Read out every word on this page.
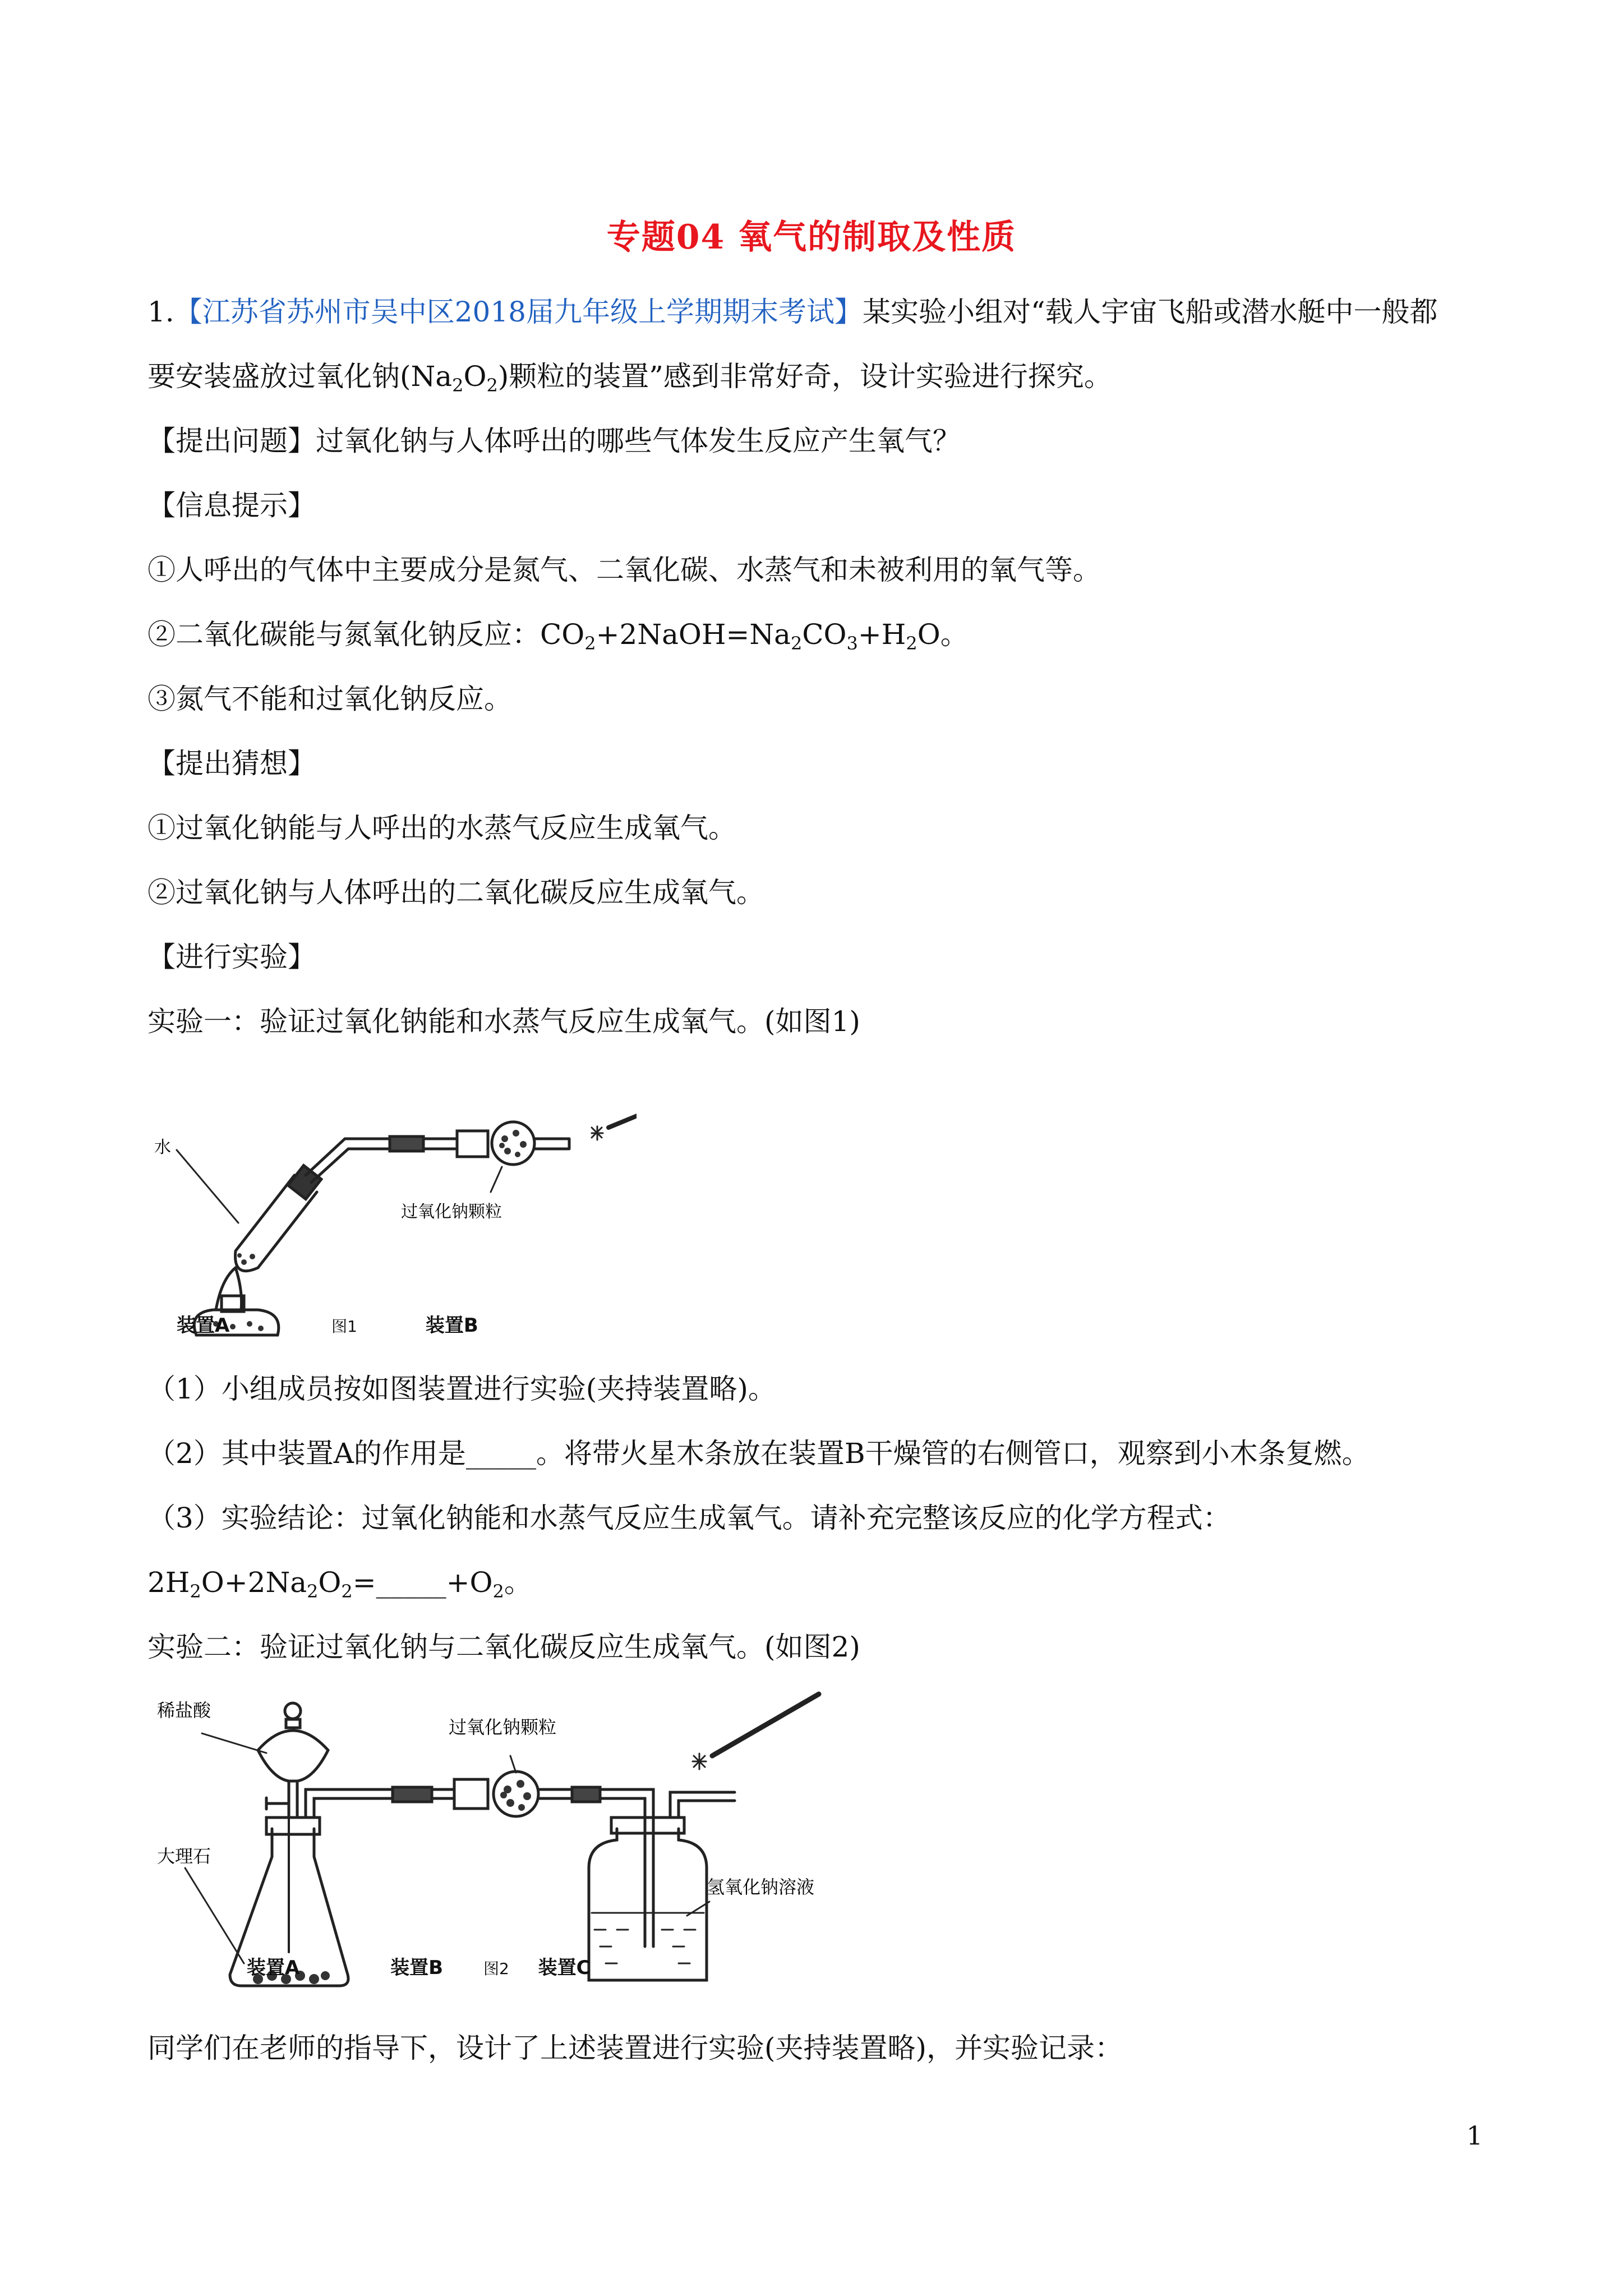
专题04 氧气的制取及性质
1.【江苏省苏州市吴中区2018届九年级上学期期末考试】某实验小组对“载人宇宙飞船或潜水艇中一般都
要安装盛放过氧化钠$(Na_2O_2)$颗粒的装置”感到非常好奇，设计实验进行探究。
【提出问题】过氧化钠与人体呼出的哪些气体发生反应产生氧气？
【信息提示】
①人呼出的气体中主要成分是氮气、二氧化碳、水蒸气和未被利用的氧气等。
②二氧化碳能与氮氧化钠反应：$CO_2+2NaOH=Na_2CO_3+H_2O$。
③氮气不能和过氧化钠反应。
【提出猜想】
①过氧化钠能与人呼出的水蒸气反应生成氧气。
②过氧化钠与人体呼出的二氧化碳反应生成氧气。
【进行实验】
实验一：验证过氧化钠能和水蒸气反应生成氧气。(如图1)
水
过氧化钠颗粒
装置A	图1	装置B
（1）小组成员按如图装置进行实验(夹持装置略)。
（2）其中装置A的作用是_____。将带火星木条放在装置B干燥管的右侧管口，观察到小木条复燃。
（3）实验结论：过氧化钠能和水蒸气反应生成氧气。请补充完整该反应的化学方程式：
$2H_2O+2Na_2O_2=\_\_\_\_\_+O_2$。
实验二：验证过氧化钠与二氧化碳反应生成氧气。(如图2)
稀盐酸
大理石
过氧化钠颗粒
氢氧化钠溶液
装置A	装置B	图2 装置C
同学们在老师的指导下，设计了上述装置进行实验(夹持装置略)，并实验记录：
1
